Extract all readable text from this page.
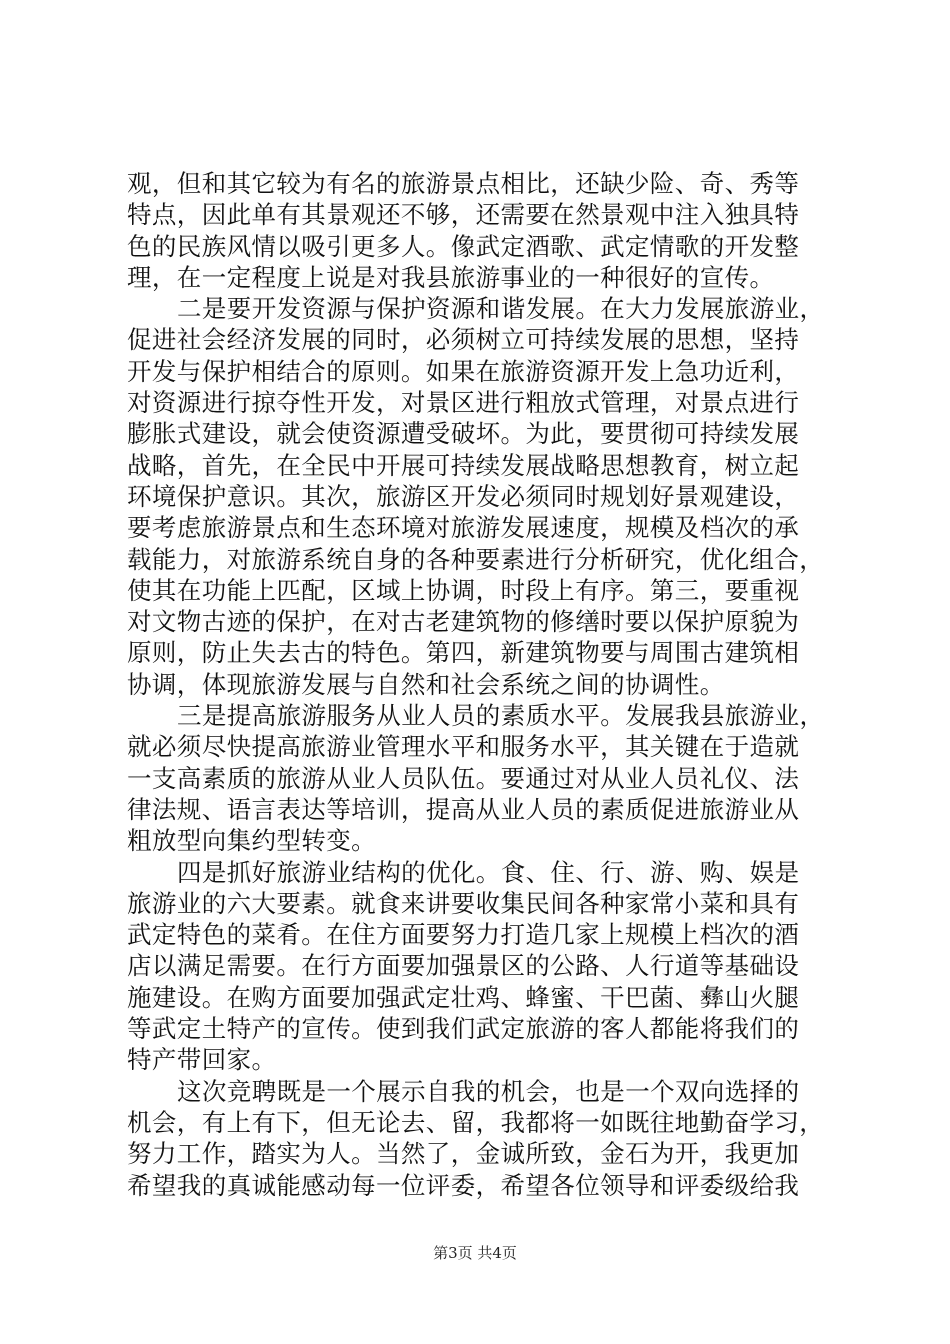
观，但和其它较为有名的旅游景点相比，还缺少险、奇、秀等
特点，因此单有其景观还不够，还需要在然景观中注入独具特
色的民族风情以吸引更多人。像武定酒歌、武定情歌的开发整
理，在一定程度上说是对我县旅游事业的一种很好的宣传。
二是要开发资源与保护资源和谐发展。在大力发展旅游业，
促进社会经济发展的同时，必须树立可持续发展的思想，坚持
开发与保护相结合的原则。如果在旅游资源开发上急功近利，
对资源进行掠夺性开发，对景区进行粗放式管理，对景点进行
膨胀式建设，就会使资源遭受破坏。为此，要贯彻可持续发展
战略，首先，在全民中开展可持续发展战略思想教育，树立起
环境保护意识。其次，旅游区开发必须同时规划好景观建设，
要考虑旅游景点和生态环境对旅游发展速度，规模及档次的承
载能力，对旅游系统自身的各种要素进行分析研究，优化组合，
使其在功能上匹配，区域上协调，时段上有序。第三，要重视
对文物古迹的保护，在对古老建筑物的修缮时要以保护原貌为
原则，防止失去古的特色。第四，新建筑物要与周围古建筑相
协调，体现旅游发展与自然和社会系统之间的协调性。
三是提高旅游服务从业人员的素质水平。发展我县旅游业，
就必须尽快提高旅游业管理水平和服务水平，其关键在于造就
一支高素质的旅游从业人员队伍。要通过对从业人员礼仪、法
律法规、语言表达等培训，提高从业人员的素质促进旅游业从
粗放型向集约型转变。
四是抓好旅游业结构的优化。食、住、行、游、购、娱是
旅游业的六大要素。就食来讲要收集民间各种家常小菜和具有
武定特色的菜肴。在住方面要努力打造几家上规模上档次的酒
店以满足需要。在行方面要加强景区的公路、人行道等基础设
施建设。在购方面要加强武定壮鸡、蜂蜜、干巴菌、彝山火腿
等武定土特产的宣传。使到我们武定旅游的客人都能将我们的
特产带回家。
这次竞聘既是一个展示自我的机会，也是一个双向选择的
机会，有上有下，但无论去、留，我都将一如既往地勤奋学习，
努力工作，踏实为人。当然了，金诚所致，金石为开，我更加
希望我的真诚能感动每一位评委，希望各位领导和评委级给我
第3页 共4页
